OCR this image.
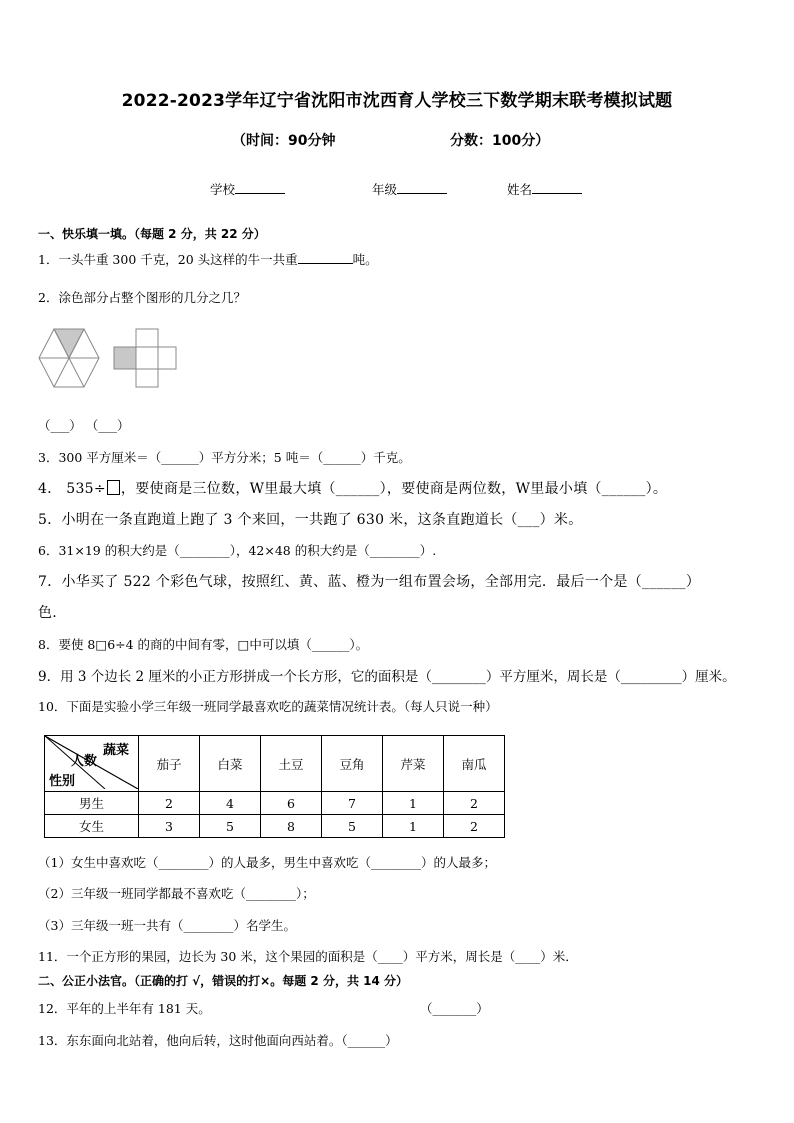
2022-2023学年辽宁省沈阳市沈西育人学校三下数学期末联考模拟试题
（时间：90分钟	分数：100分）
学校	年级	姓名
一、快乐填一填。（每题 2 分，共 22 分）
1．一头牛重 300 千克，20 头这样的牛一共重	吨。
2．涂色部分占整个图形的几分之几？
（___） （___）
3．300 平方厘米＝（______）平方分米；5 吨＝（______）千克。
4． 535÷ ，要使商是三位数，W里最大填（______），要使商是两位数，W里最小填（______）。
5．小明在一条直跑道上跑了 3 个来回，一共跑了 630 米，这条直跑道长（___）米。
6．31×19 的积大约是（________），42×48 的积大约是（________）.
7．小华买了 522 个彩色气球，按照红、黄、蓝、橙为一组布置会场，全部用完．最后一个是（______）
色.
8．要使 8□6÷4 的商的中间有零，□中可以填（______）。
9．用 3 个边长 2 厘米的小正方形拼成一个长方形，它的面积是（________）平方厘米，周长是（_________）厘米。
10．下面是实验小学三年级一班同学最喜欢吃的蔬菜情况统计表。（每人只说一种）
蔬菜
人数
性别	茄子	白菜	土豆	豆角	芹菜	南瓜
男生	2	4	6	7	1	2
女生	3	5	8	5	1	2
（1）女生中喜欢吃（________）的人最多，男生中喜欢吃（________）的人最多；
（2）三年级一班同学都最不喜欢吃（________）；
（3）三年级一班一共有（________）名学生。
11．一个正方形的果园，边长为 30 米，这个果园的面积是（____）平方米，周长是（____）米．
二、公正小法官。（正确的打 √，错误的打×。每题 2 分，共 14 分）
12．平年的上半年有 181 天。	（_______）
13．东东面向北站着，他向后转，这时他面向西站着。（______）
